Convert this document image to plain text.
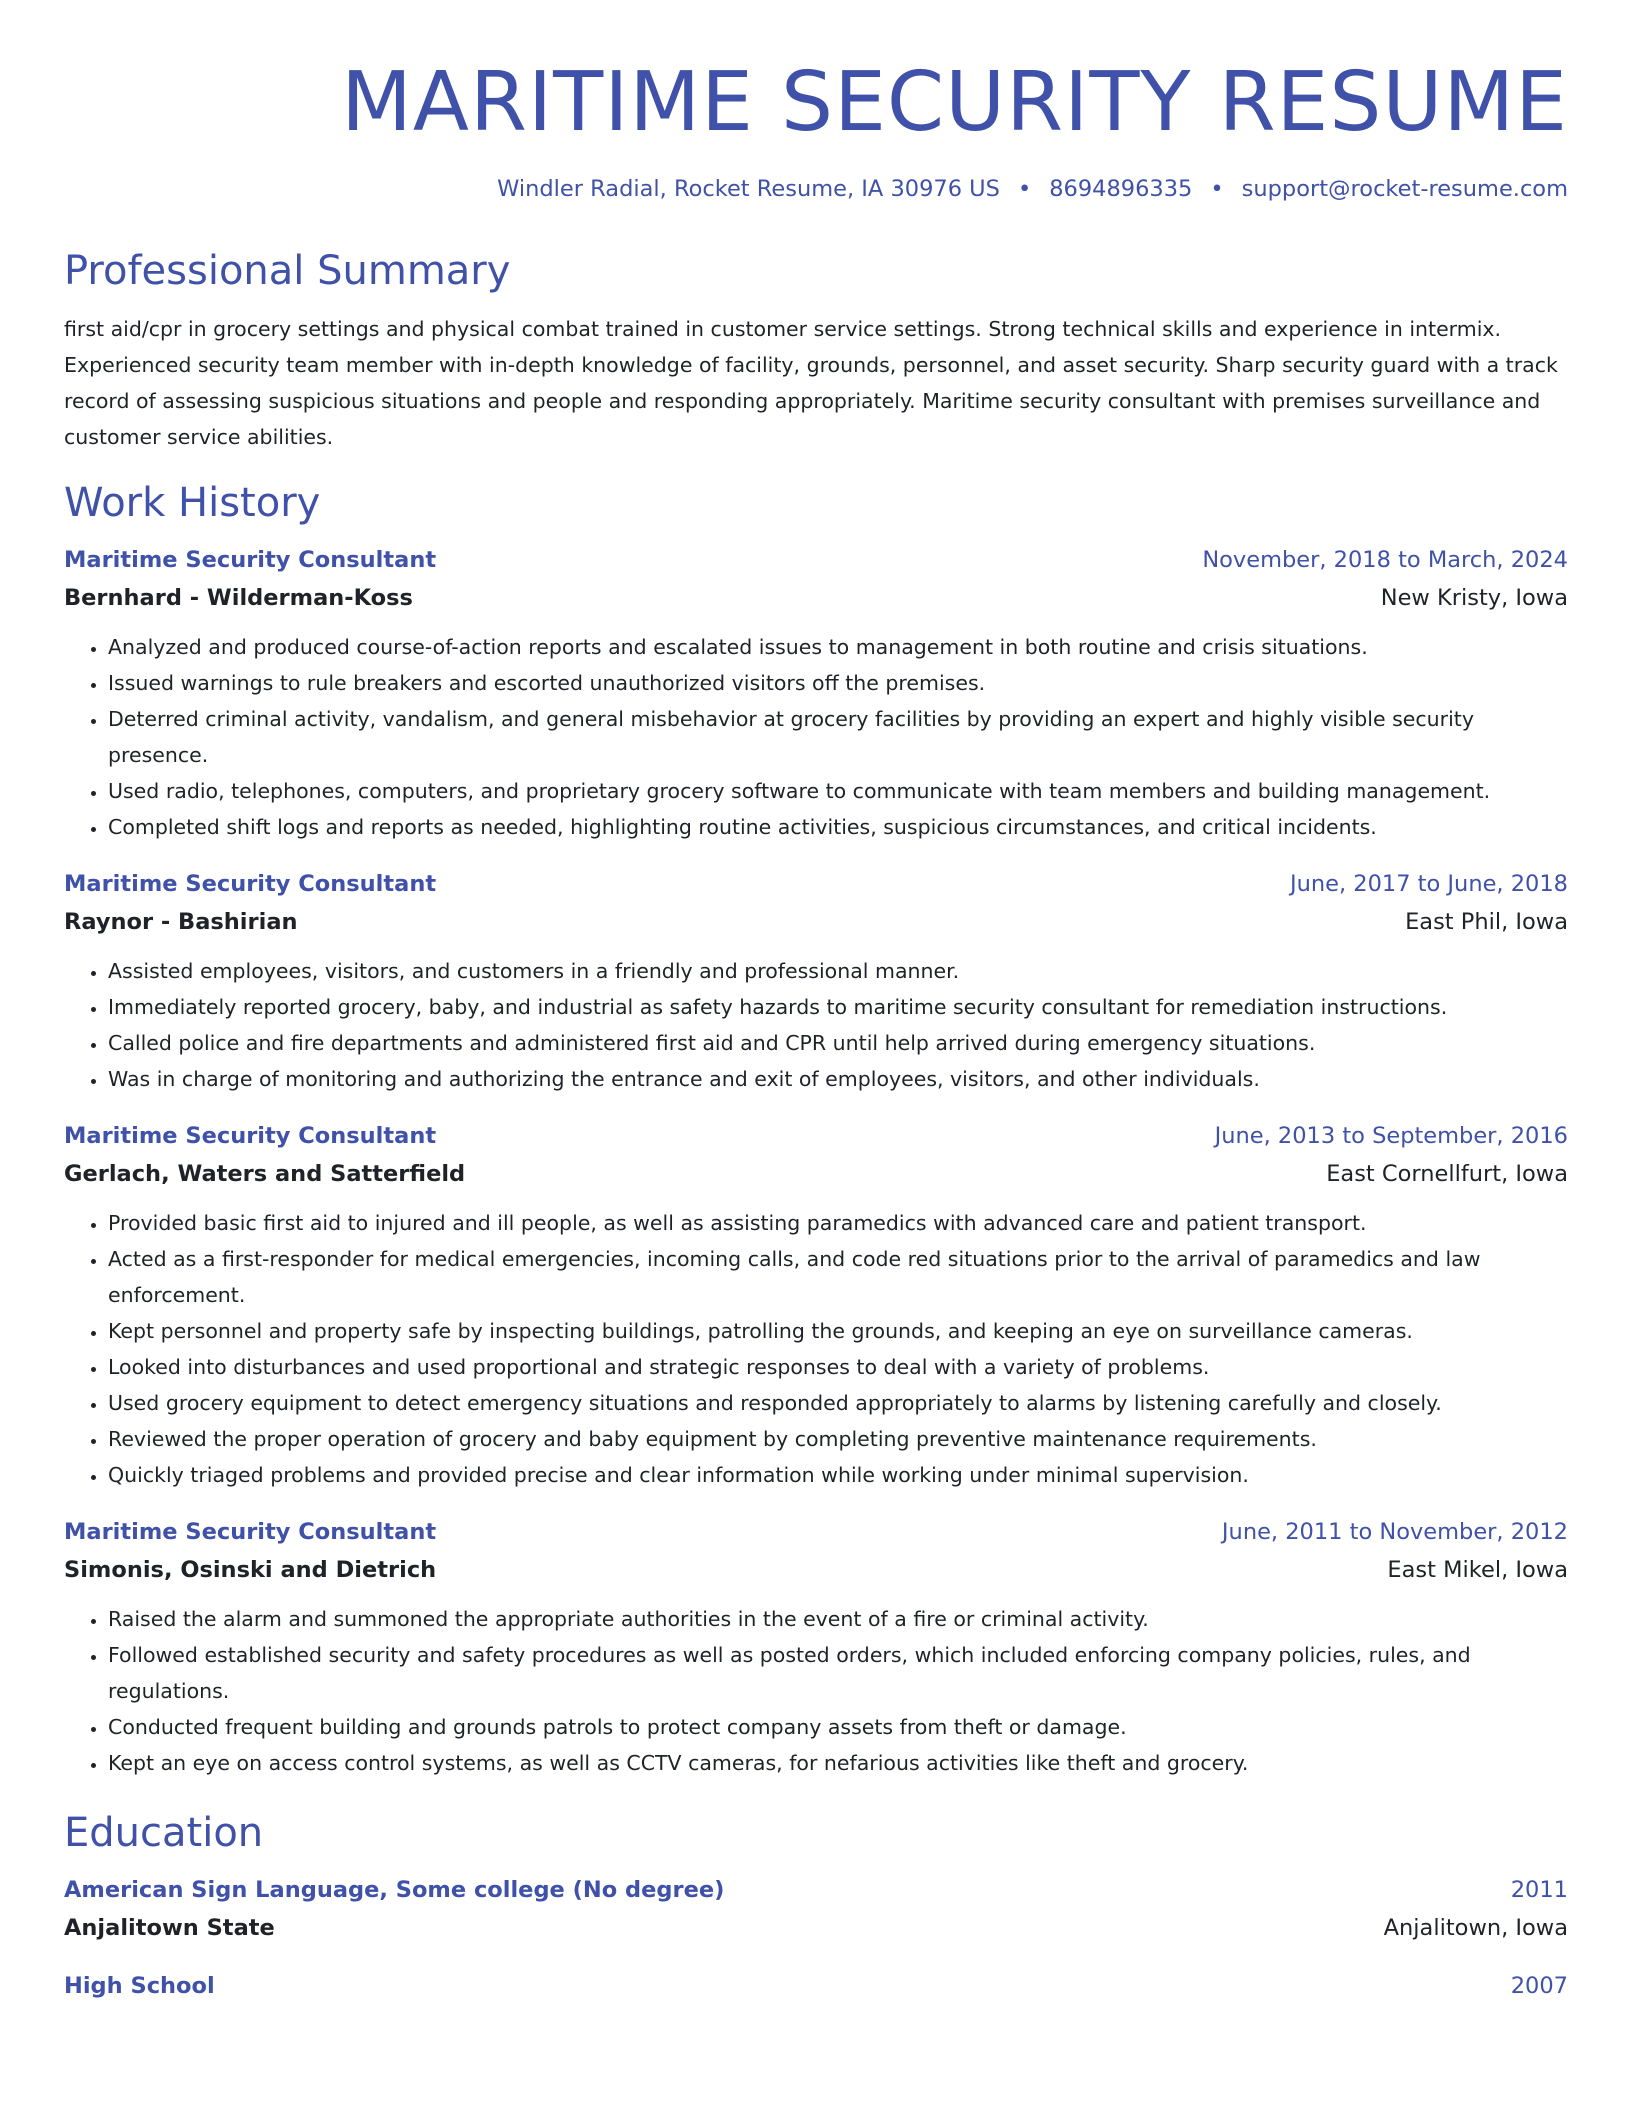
MARITIME SECURITY RESUME
Windler Radial, Rocket Resume, IA 30976 US • 8694896335 • support@rocket-resume.com
Professional Summary
first aid/cpr in grocery settings and physical combat trained in customer service settings. Strong technical skills and experience in intermix. Experienced security team member with in-depth knowledge of facility, grounds, personnel, and asset security. Sharp security guard with a track record of assessing suspicious situations and people and responding appropriately. Maritime security consultant with premises surveillance and customer service abilities.
Work History
Maritime Security Consultant	November, 2018 to March, 2024
Bernhard - Wilderman-Koss	New Kristy, Iowa
• Analyzed and produced course-of-action reports and escalated issues to management in both routine and crisis situations.
• Issued warnings to rule breakers and escorted unauthorized visitors off the premises.
• Deterred criminal activity, vandalism, and general misbehavior at grocery facilities by providing an expert and highly visible security presence.
• Used radio, telephones, computers, and proprietary grocery software to communicate with team members and building management.
• Completed shift logs and reports as needed, highlighting routine activities, suspicious circumstances, and critical incidents.
Maritime Security Consultant	June, 2017 to June, 2018
Raynor - Bashirian	East Phil, Iowa
• Assisted employees, visitors, and customers in a friendly and professional manner.
• Immediately reported grocery, baby, and industrial as safety hazards to maritime security consultant for remediation instructions.
• Called police and fire departments and administered first aid and CPR until help arrived during emergency situations.
• Was in charge of monitoring and authorizing the entrance and exit of employees, visitors, and other individuals.
Maritime Security Consultant	June, 2013 to September, 2016
Gerlach, Waters and Satterfield	East Cornellfurt, Iowa
• Provided basic first aid to injured and ill people, as well as assisting paramedics with advanced care and patient transport.
• Acted as a first-responder for medical emergencies, incoming calls, and code red situations prior to the arrival of paramedics and law enforcement.
• Kept personnel and property safe by inspecting buildings, patrolling the grounds, and keeping an eye on surveillance cameras.
• Looked into disturbances and used proportional and strategic responses to deal with a variety of problems.
• Used grocery equipment to detect emergency situations and responded appropriately to alarms by listening carefully and closely.
• Reviewed the proper operation of grocery and baby equipment by completing preventive maintenance requirements.
• Quickly triaged problems and provided precise and clear information while working under minimal supervision.
Maritime Security Consultant	June, 2011 to November, 2012
Simonis, Osinski and Dietrich	East Mikel, Iowa
• Raised the alarm and summoned the appropriate authorities in the event of a fire or criminal activity.
• Followed established security and safety procedures as well as posted orders, which included enforcing company policies, rules, and regulations.
• Conducted frequent building and grounds patrols to protect company assets from theft or damage.
• Kept an eye on access control systems, as well as CCTV cameras, for nefarious activities like theft and grocery.
Education
American Sign Language, Some college (No degree)	2011
Anjalitown State	Anjalitown, Iowa
High School	2007
